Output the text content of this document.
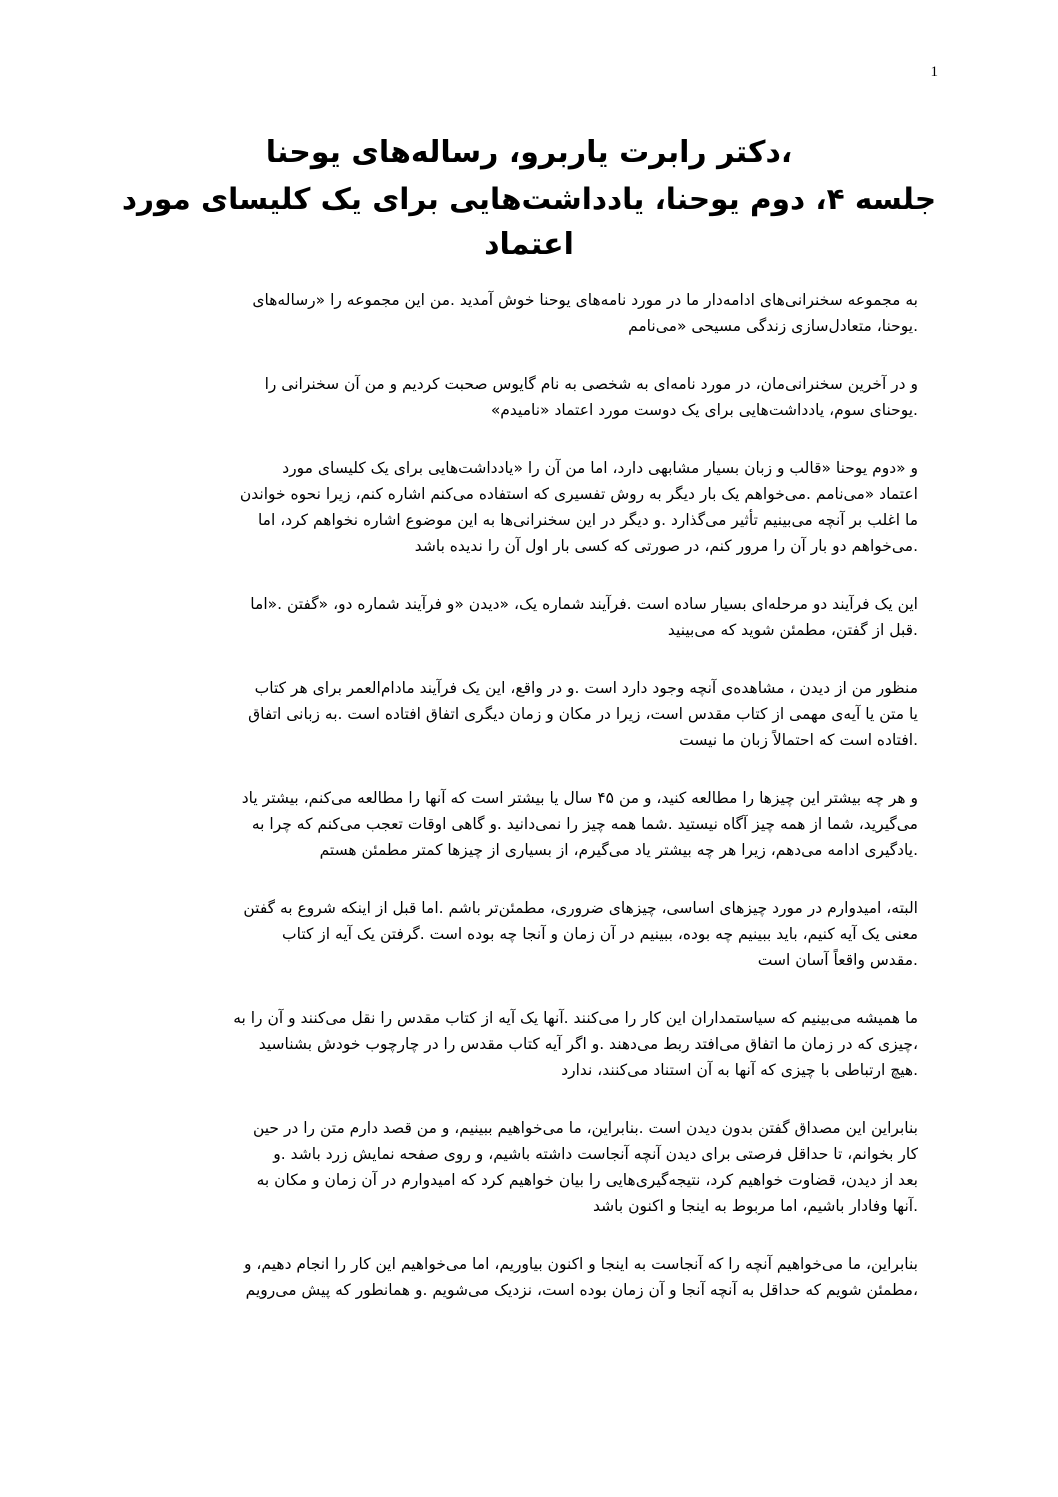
1
،دکتر رابرت یاربرو، رساله‌های یوحنا
جلسه ۴، دوم یوحنا، یادداشت‌هایی برای یک کلیسای مورد
اعتماد
به مجموعه سخنرانی‌های ادامه‌دار ما در مورد نامه‌های یوحنا خوش آمدید .من این مجموعه را «رساله‌های
.یوحنا، متعادل‌سازی زندگی مسیحی «می‌نامم
و در آخرین سخنرانی‌مان، در مورد نامه‌ای به شخصی به نام گایوس صحبت کردیم و من آن سخنرانی را
.یوحنای سوم، یادداشت‌هایی برای یک دوست مورد اعتماد «نامیدم»
و «دوم یوحنا «قالب و زبان بسیار مشابهی دارد، اما من آن را «یادداشت‌هایی برای یک کلیسای مورد
اعتماد «می‌نامم .می‌خواهم یک بار دیگر به روش تفسیری که استفاده می‌کنم اشاره کنم، زیرا نحوه خواندن
ما اغلب بر آنچه می‌بینیم تأثیر می‌گذارد .و دیگر در این سخنرانی‌ها به این موضوع اشاره نخواهم کرد، اما
.می‌خواهم دو بار آن را مرور کنم، در صورتی که کسی بار اول آن را ندیده باشد
این یک فرآیند دو مرحله‌ای بسیار ساده است .فرآیند شماره یک، «دیدن «و فرآیند شماره دو، «گفتن .«اما
.قبل از گفتن، مطمئن شوید که می‌بینید
منظور من از دیدن ، مشاهده‌ی آنچه وجود دارد است .و در واقع، این یک فرآیند مادام‌العمر برای هر کتاب
یا متن یا آیه‌ی مهمی از کتاب مقدس است، زیرا در مکان و زمان دیگری اتفاق افتاده است .به زبانی اتفاق
.افتاده است که احتمالاً زبان ما نیست
و هر چه بیشتر این چیزها را مطالعه کنید، و من ۴۵ سال یا بیشتر است که آنها را مطالعه می‌کنم، بیشتر یاد
می‌گیرید، شما از همه چیز آگاه نیستید .شما همه چیز را نمی‌دانید .و گاهی اوقات تعجب می‌کنم که چرا به
.یادگیری ادامه می‌دهم، زیرا هر چه بیشتر یاد می‌گیرم، از بسیاری از چیزها کمتر مطمئن هستم
البته، امیدوارم در مورد چیزهای اساسی، چیزهای ضروری، مطمئن‌تر باشم .اما قبل از اینکه شروع به گفتن
معنی یک آیه کنیم، باید ببینیم چه بوده، ببینیم در آن زمان و آنجا چه بوده است .گرفتن یک آیه از کتاب
.مقدس واقعاً آسان است
ما همیشه می‌بینیم که سیاستمداران این کار را می‌کنند .آنها یک آیه از کتاب مقدس را نقل می‌کنند و آن را به
،چیزی که در زمان ما اتفاق می‌افتد ربط می‌دهند .و اگر آیه کتاب مقدس را در چارچوب خودش بشناسید
.هیچ ارتباطی با چیزی که آنها به آن استناد می‌کنند، ندارد
بنابراین این مصداق گفتن بدون دیدن است .بنابراین، ما می‌خواهیم ببینیم، و من قصد دارم متن را در حین
کار بخوانم، تا حداقل فرصتی برای دیدن آنچه آنجاست داشته باشیم، و روی صفحه نمایش زرد باشد .و
بعد از دیدن، قضاوت خواهیم کرد، نتیجه‌گیری‌هایی را بیان خواهیم کرد که امیدوارم در آن زمان و مکان به
.آنها وفادار باشیم، اما مربوط به اینجا و اکنون باشد
بنابراین، ما می‌خواهیم آنچه را که آنجاست به اینجا و اکنون بیاوریم، اما می‌خواهیم این کار را انجام دهیم، و
،مطمئن شویم که حداقل به آنچه آنجا و آن زمان بوده است، نزدیک می‌شویم .و همانطور که پیش می‌رویم
